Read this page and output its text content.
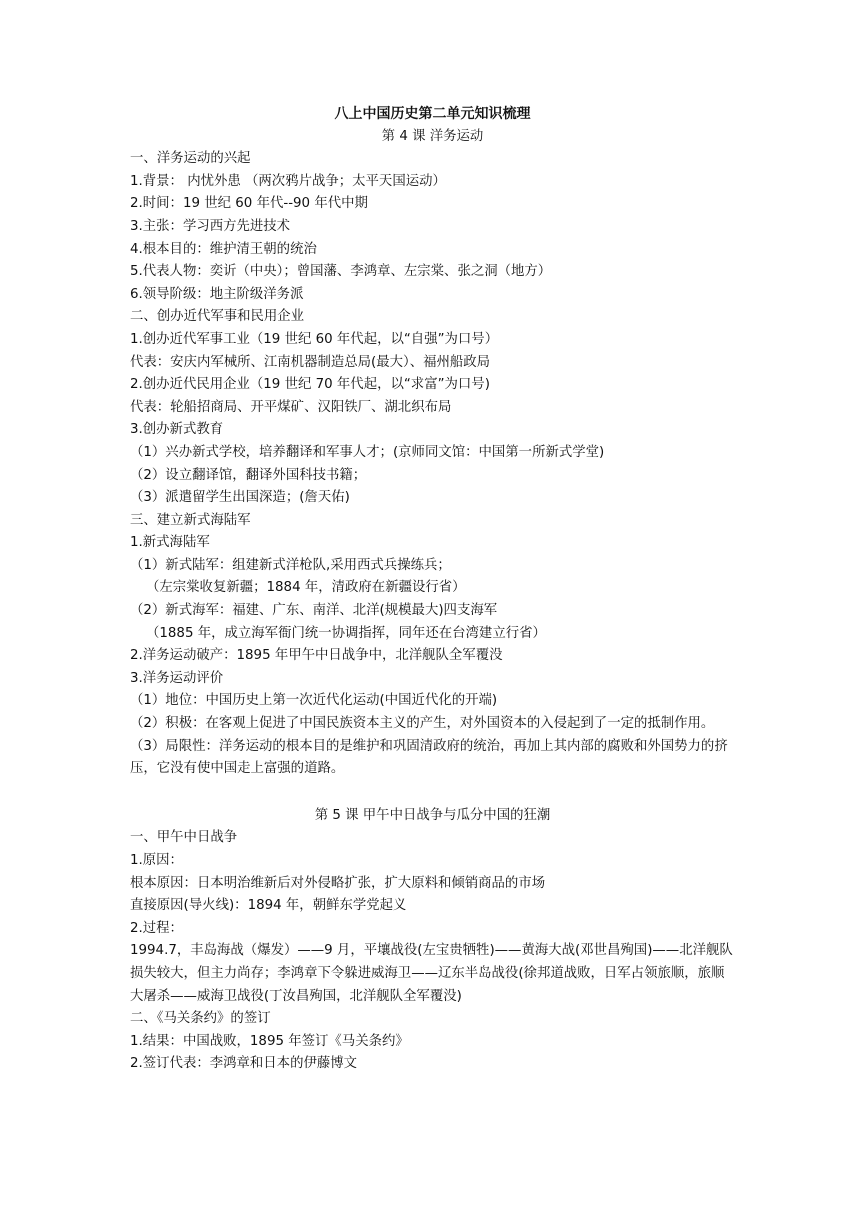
八上中国历史第二单元知识梳理
第 4 课 洋务运动
一、洋务运动的兴起
1.背景： 内忧外患 （两次鸦片战争；太平天国运动）
2.时间：19 世纪 60 年代--90 年代中期
3.主张：学习西方先进技术
4.根本目的：维护清王朝的统治
5.代表人物：奕䜣（中央）；曾国藩、李鸿章、左宗棠、张之洞（地方）
6.领导阶级：地主阶级洋务派
二、创办近代军事和民用企业
1.创办近代军事工业（19 世纪 60 年代起，以“自强”为口号）
代表：安庆内军械所、江南机器制造总局(最大）、福州船政局
2.创办近代民用企业（19 世纪 70 年代起，以“求富”为口号)
代表：轮船招商局、开平煤矿、汉阳铁厂、湖北织布局
3.创办新式教育
（1）兴办新式学校，培养翻译和军事人才；(京师同文馆：中国第一所新式学堂)
（2）设立翻译馆，翻译外国科技书籍；
（3）派遣留学生出国深造；(詹天佑)
三、建立新式海陆军
1.新式海陆军
（1）新式陆军：组建新式洋枪队,采用西式兵操练兵；
（左宗棠收复新疆；1884 年，清政府在新疆设行省）
（2）新式海军：福建、广东、南洋、北洋(规模最大)四支海军
（1885 年，成立海军衙门统一协调指挥，同年还在台湾建立行省）
2.洋务运动破产：1895 年甲午中日战争中，北洋舰队全军覆没
3.洋务运动评价
（1）地位：中国历史上第一次近代化运动(中国近代化的开端)
（2）积极：在客观上促进了中国民族资本主义的产生，对外国资本的入侵起到了一定的抵制作用。
（3）局限性：洋务运动的根本目的是维护和巩固清政府的统治，再加上其内部的腐败和外国势力的挤压，它没有使中国走上富强的道路。
第 5 课 甲午中日战争与瓜分中国的狂潮
一、甲午中日战争
1.原因：
根本原因：日本明治维新后对外侵略扩张，扩大原料和倾销商品的市场
直接原因(导火线)：1894 年，朝鲜东学党起义
2.过程：
1994.7，丰岛海战（爆发）——9 月，平壤战役(左宝贵牺牲)——黄海大战(邓世昌殉国)——北洋舰队损失较大，但主力尚存；李鸿章下令躲进威海卫——辽东半岛战役(徐邦道战败，日军占领旅顺，旅顺大屠杀——威海卫战役(丁汝昌殉国，北洋舰队全军覆没)
二、《马关条约》的签订
1.结果：中国战败，1895 年签订《马关条约》
2.签订代表：李鸿章和日本的伊藤博文
